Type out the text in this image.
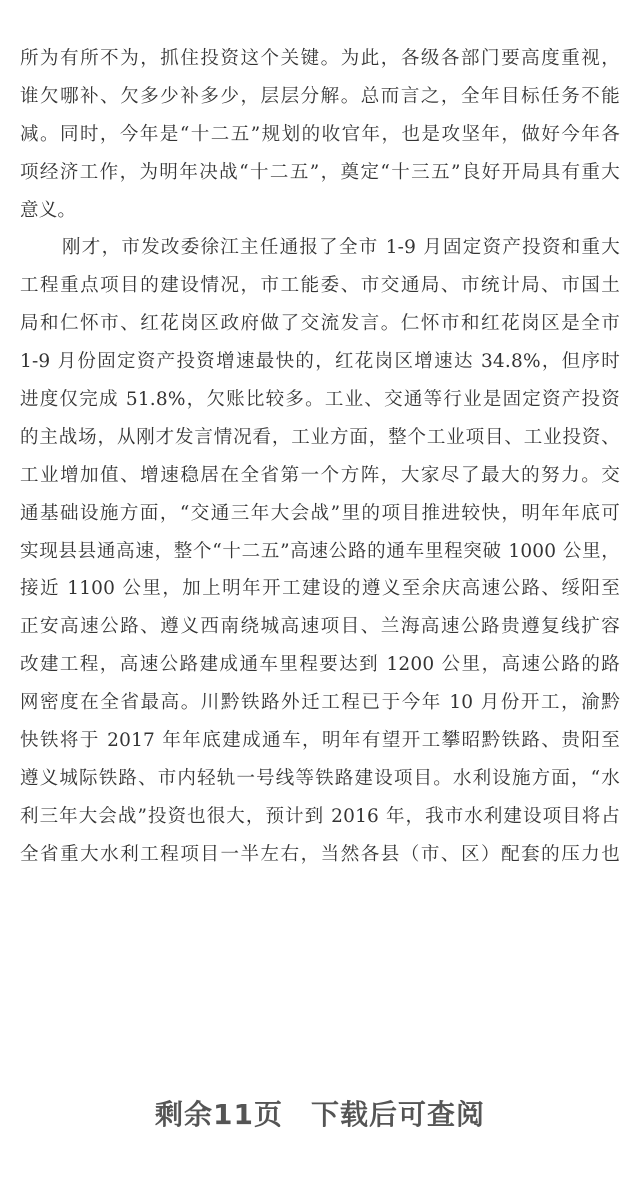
所为有所不为，抓住投资这个关键。为此，各级各部门要高度重视，
谁欠哪补、欠多少补多少，层层分解。总而言之，全年目标任务不能
减。同时，今年是“十二五”规划的收官年，也是攻坚年，做好今年各
项经济工作，为明年决战“十二五”，奠定“十三五”良好开局具有重大
意义。
刚才，市发改委徐江主任通报了全市 1-9 月固定资产投资和重大
工程重点项目的建设情况，市工能委、市交通局、市统计局、市国土
局和仁怀市、红花岗区政府做了交流发言。仁怀市和红花岗区是全市
1-9 月份固定资产投资增速最快的，红花岗区增速达 34.8%，但序时
进度仅完成 51.8%，欠账比较多。工业、交通等行业是固定资产投资
的主战场，从刚才发言情况看，工业方面，整个工业项目、工业投资、
工业增加值、增速稳居在全省第一个方阵，大家尽了最大的努力。交
通基础设施方面，“交通三年大会战”里的项目推进较快，明年年底可
实现县县通高速，整个“十二五”高速公路的通车里程突破 1000 公里，
接近 1100 公里，加上明年开工建设的遵义至余庆高速公路、绥阳至
正安高速公路、遵义西南绕城高速项目、兰海高速公路贵遵复线扩容
改建工程，高速公路建成通车里程要达到 1200 公里，高速公路的路
网密度在全省最高。川黔铁路外迁工程已于今年 10 月份开工，渝黔
快铁将于 2017 年年底建成通车，明年有望开工攀昭黔铁路、贵阳至
遵义城际铁路、市内轻轨一号线等铁路建设项目。水利设施方面，“水
利三年大会战”投资也很大，预计到 2016 年，我市水利建设项目将占
全省重大水利工程项目一半左右，当然各县（市、区）配套的压力也
剩余11页 下载后可查阅
